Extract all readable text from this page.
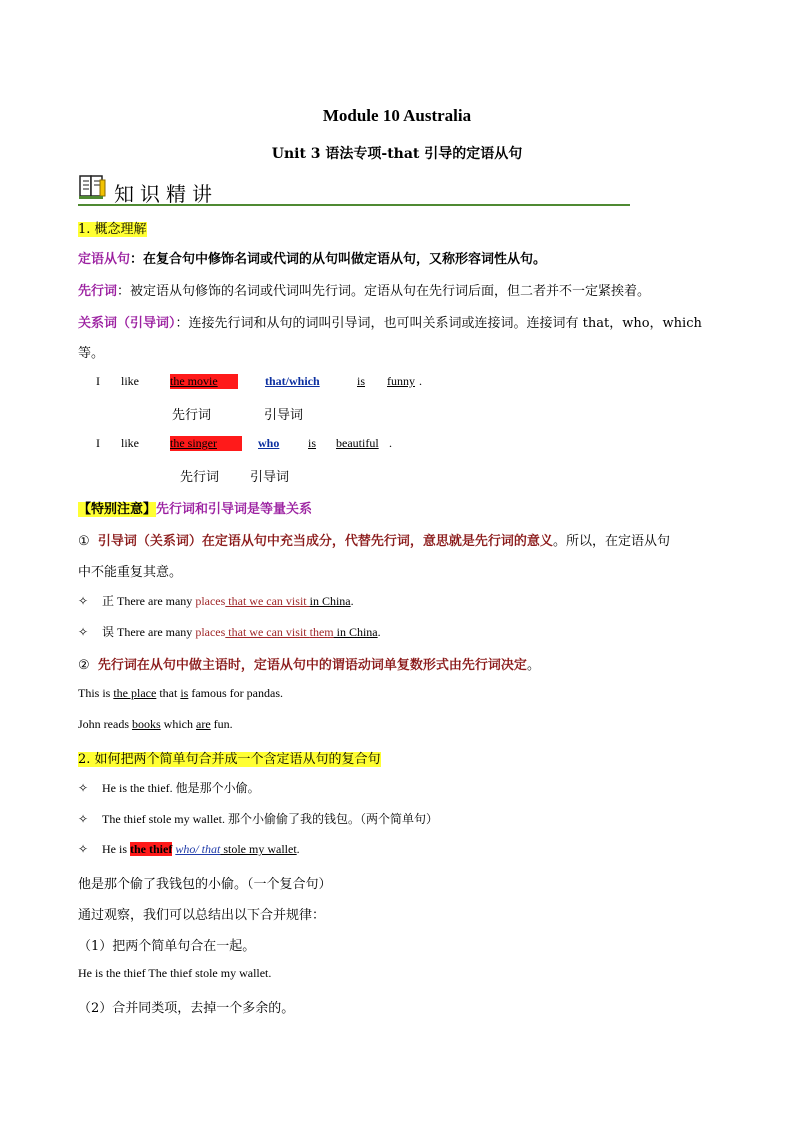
Module 10 Australia
Unit 3 语法专项-that 引导的定语从句
知识精讲
1. 概念理解
定语从句：在复合句中修饰名词或代词的从句叫做定语从句，又称形容词性从句。
先行词：被定语从句修饰的名词或代词叫先行词。定语从句在先行词后面，但二者并不一定紧挨着。
关系词（引导词）：连接先行词和从句的词叫引导词，也可叫关系词或连接词。连接词有 that，who，which
等。
I like	the movie	that/which	is funny .
先行词	引导词
I like	the singer	who	is beautiful .
先行词 引导词
【特别注意】先行词和引导词是等量关系
① 引导词（关系词）在定语从句中充当成分，代替先行词，意思就是先行词的意义。所以，在定语从句
中不能重复其意。
✧ 正 There are many places that we can visit in China.
✧ 误 There are many places that we can visit them in China.
② 先行词在从句中做主语时，定语从句中的谓语动词单复数形式由先行词决定。
This is the place that is famous for pandas.
John reads books which are fun.
2. 如何把两个简单句合并成一个含定语从句的复合句
✧ He is the thief. 他是那个小偷。
✧ The thief stole my wallet. 那个小偷偷了我的钱包。（两个简单句）
✧ He is the thief who/ that stole my wallet.
他是那个偷了我钱包的小偷。（一个复合句）
通过观察，我们可以总结出以下合并规律：
（1）把两个简单句合在一起。
He is the thief The thief stole my wallet.
（2）合并同类项，去掉一个多余的。
